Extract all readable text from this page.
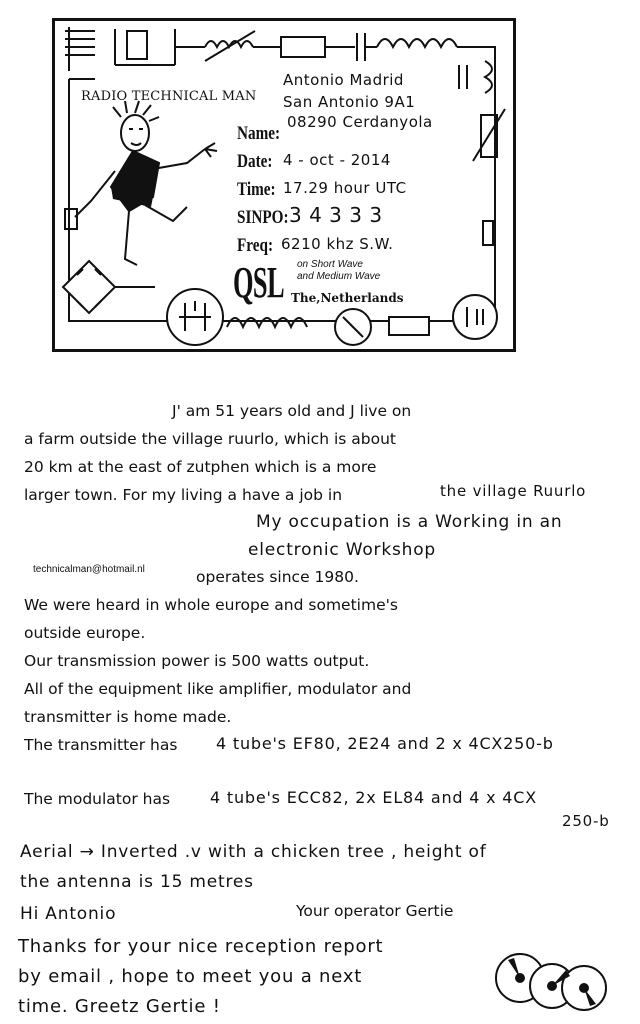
RADIO TECHNICAL MAN
Antonio Madrid
San Antonio 9A1
Name:
08290 Cerdanyola
Date: 4 - oct - 2014
Time: 17.29 hour UTC
SINPO: 3 4 3 3 3
Freq: 6210 khz S.W.
QSL on Short Wave
and Medium Wave
The,Netherlands
J' am 51 years old and J live on
a farm outside the village ruurlo, which is about
20 km at the east of zutphen which is a more
larger town. For my living a have a job in	the village Ruurlo
My occupation is a Working in an
electronic Workshop
technicalman@hotmail.nl	operates since 1980.
We were heard in whole europe and sometime's
outside europe.
Our transmission power is 500 watts output.
All of the equipment like amplifier, modulator and
transmitter is home made.
The transmitter has 4 tube's EF80, 2E24 and 2 x 4CX250-b
The modulator has 4 tube's ECC82, 2x EL84 and 4 x 4CX
250-b
Aerial → Inverted .v with a chicken tree , height of
the antenna is 15 metres
Hi Antonio	Your operator Gertie
Thanks for your nice reception report
by email , hope to meet you a next
time. Greetz Gertie !
